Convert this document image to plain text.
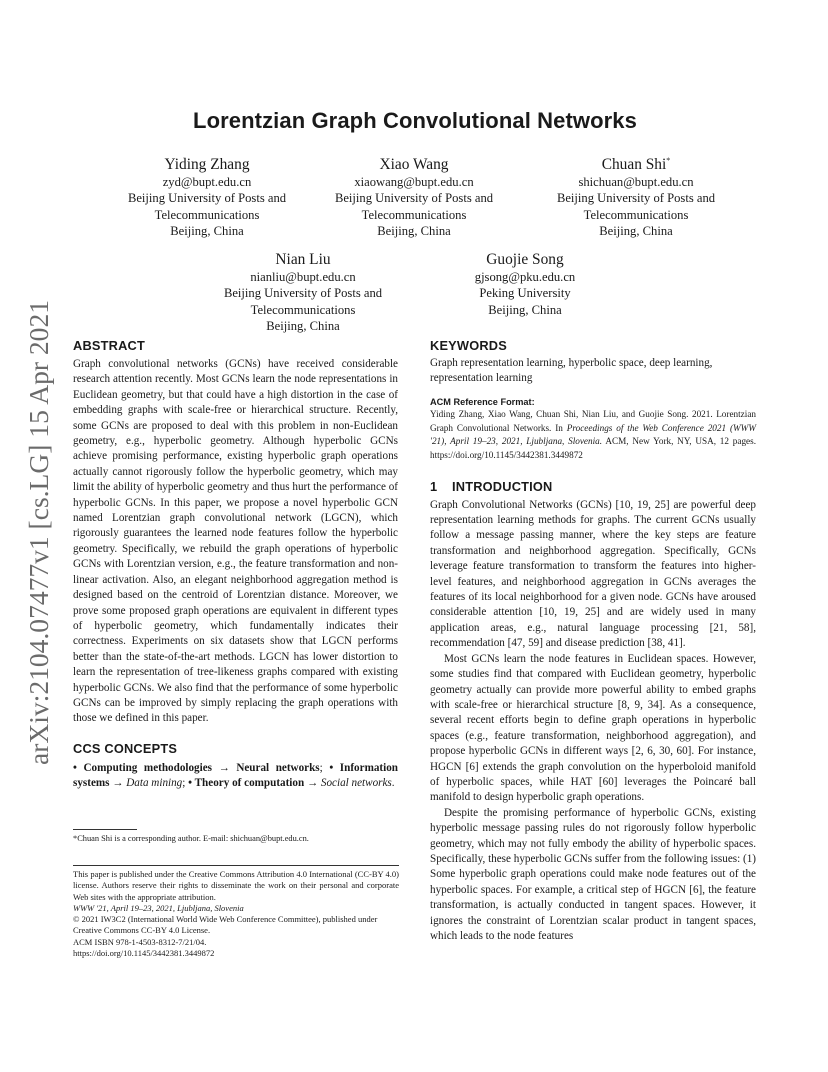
arXiv:2104.07477v1 [cs.LG] 15 Apr 2021
Lorentzian Graph Convolutional Networks
Yiding Zhang
zyd@bupt.edu.cn
Beijing University of Posts and
Telecommunications
Beijing, China
Xiao Wang
xiaowang@bupt.edu.cn
Beijing University of Posts and
Telecommunications
Beijing, China
Chuan Shi*
shichuan@bupt.edu.cn
Beijing University of Posts and
Telecommunications
Beijing, China
Nian Liu
nianliu@bupt.edu.cn
Beijing University of Posts and
Telecommunications
Beijing, China
Guojie Song
gjsong@pku.edu.cn
Peking University
Beijing, China
ABSTRACT

Graph convolutional networks (GCNs) have received considerable research attention recently. Most GCNs learn the node representations in Euclidean geometry, but that could have a high distortion in the case of embedding graphs with scale-free or hierarchical structure. Recently, some GCNs are proposed to deal with this problem in non-Euclidean geometry, e.g., hyperbolic geometry. Although hyperbolic GCNs achieve promising performance, existing hyperbolic graph operations actually cannot rigorously follow the hyperbolic geometry, which may limit the ability of hyperbolic geometry and thus hurt the performance of hyperbolic GCNs. In this paper, we propose a novel hyperbolic GCN named Lorentzian graph convolutional network (LGCN), which rigorously guarantees the learned node features follow the hyperbolic geometry. Specifically, we rebuild the graph operations of hyperbolic GCNs with Lorentzian version, e.g., the feature transformation and non-linear activation. Also, an elegant neighborhood aggregation method is designed based on the centroid of Lorentzian distance. Moreover, we prove some proposed graph operations are equivalent in different types of hyperbolic geometry, which fundamentally indicates their correctness. Experiments on six datasets show that LGCN performs better than the state-of-the-art methods. LGCN has lower distortion to learn the representation of tree-likeness graphs compared with existing hyperbolic GCNs. We also find that the performance of some hyperbolic GCNs can be improved by simply replacing the graph operations with those we defined in this paper.

CCS CONCEPTS

• Computing methodologies → Neural networks; • Information systems → Data mining; • Theory of computation → Social networks.

*Chuan Shi is a corresponding author. E-mail: shichuan@bupt.edu.cn.
This paper is published under the Creative Commons Attribution 4.0 International (CC-BY 4.0) license. Authors reserve their rights to disseminate the work on their personal and corporate Web sites with the appropriate attribution.
WWW '21, April 19–23, 2021, Ljubljana, Slovenia
© 2021 IW3C2 (International World Wide Web Conference Committee), published under Creative Commons CC-BY 4.0 License.
ACM ISBN 978-1-4503-8312-7/21/04.
https://doi.org/10.1145/3442381.3449872
KEYWORDS

Graph representation learning, hyperbolic space, deep learning, representation learning

ACM Reference Format:

Yiding Zhang, Xiao Wang, Chuan Shi, Nian Liu, and Guojie Song. 2021. Lorentzian Graph Convolutional Networks. In Proceedings of the Web Conference 2021 (WWW '21), April 19–23, 2021, Ljubljana, Slovenia. ACM, New York, NY, USA, 12 pages. https://doi.org/10.1145/3442381.3449872

1 INTRODUCTION

Graph Convolutional Networks (GCNs) [10, 19, 25] are powerful deep representation learning methods for graphs. The current GCNs usually follow a message passing manner, where the key steps are feature transformation and neighborhood aggregation. Specifically, GCNs leverage feature transformation to transform the features into higher-level features, and neighborhood aggregation in GCNs averages the features of its local neighborhood for a given node. GCNs have aroused considerable attention [10, 19, 25] and are widely used in many application areas, e.g., natural language processing [21, 58], recommendation [47, 59] and disease prediction [38, 41].

Most GCNs learn the node features in Euclidean spaces. However, some studies find that compared with Euclidean geometry, hyperbolic geometry actually can provide more powerful ability to embed graphs with scale-free or hierarchical structure [8, 9, 34]. As a consequence, several recent efforts begin to define graph operations in hyperbolic spaces (e.g., feature transformation, neighborhood aggregation), and propose hyperbolic GCNs in different ways [2, 6, 30, 60]. For instance, HGCN [6] extends the graph convolution on the hyperboloid manifold of hyperbolic spaces, while HAT [60] leverages the Poincaré ball manifold to design hyperbolic graph operations.

Despite the promising performance of hyperbolic GCNs, existing hyperbolic message passing rules do not rigorously follow hyperbolic geometry, which may not fully embody the ability of hyperbolic spaces. Specifically, these hyperbolic GCNs suffer from the following issues: (1) Some hyperbolic graph operations could make node features out of the hyperbolic spaces. For example, a critical step of HGCN [6], the feature transformation, is actually conducted in tangent spaces. However, it ignores the constraint of Lorentzian scalar product in tangent spaces, which leads to the node features
